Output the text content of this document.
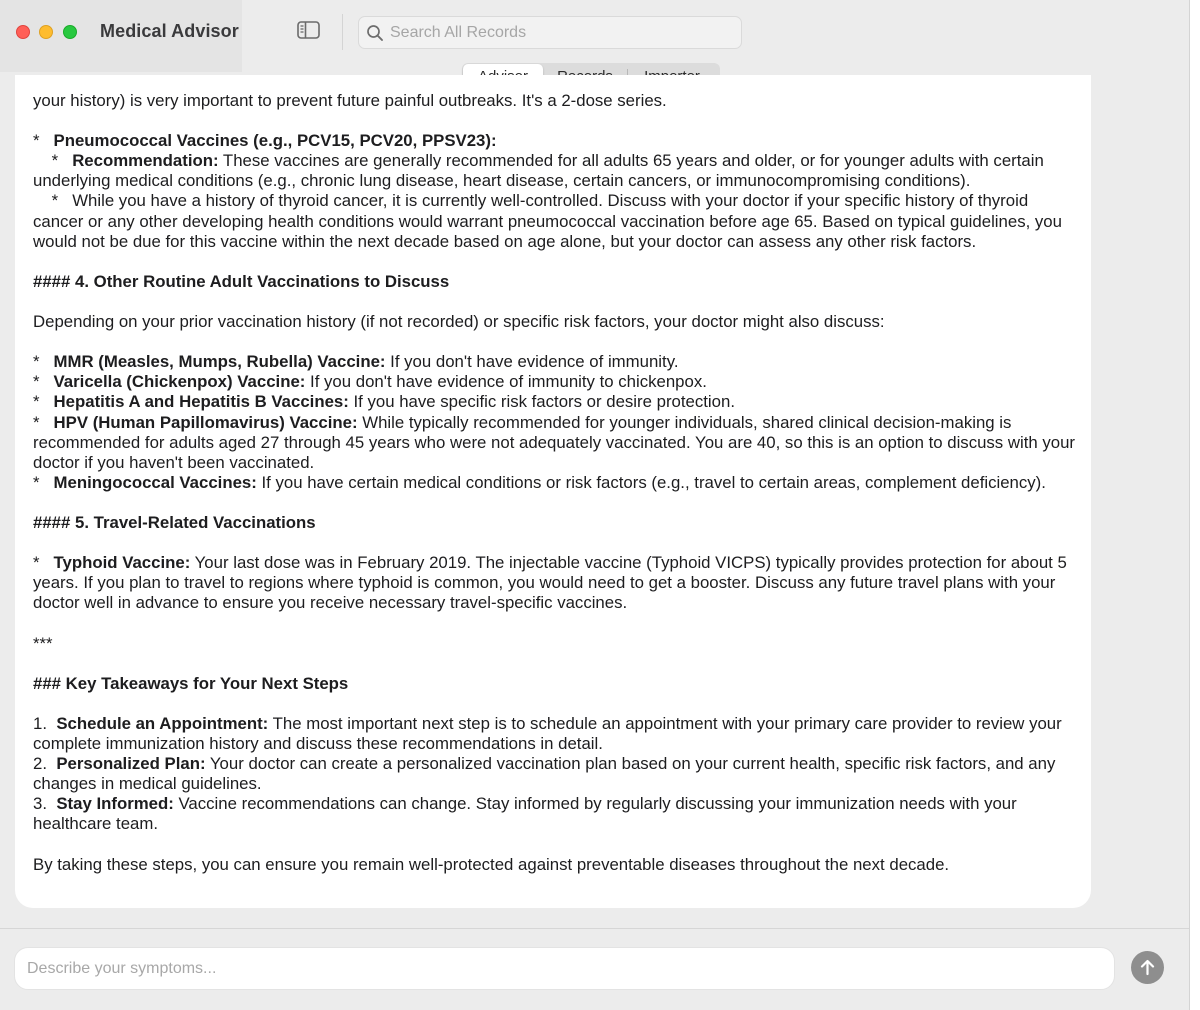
Medical Advisor
Search All Records

your history) is very important to prevent future painful outbreaks. It's a 2-dose series.

* Pneumococcal Vaccines (e.g., PCV15, PCV20, PPSV23):

* Recommendation: These vaccines are generally recommended for all adults 65 years and older, or for younger adults with certain underlying medical conditions (e.g., chronic lung disease, heart disease, certain cancers, or immunocompromising conditions).

* While you have a history of thyroid cancer, it is currently well-controlled. Discuss with your doctor if your specific history of thyroid cancer or any other developing health conditions would warrant pneumococcal vaccination before age 65. Based on typical guidelines, you would not be due for this vaccine within the next decade based on age alone, but your doctor can assess any other risk factors.

#### 4. Other Routine Adult Vaccinations to Discuss

Depending on your prior vaccination history (if not recorded) or specific risk factors, your doctor might also discuss:

* MMR (Measles, Mumps, Rubella) Vaccine: If you don't have evidence of immunity.

* Varicella (Chickenpox) Vaccine: If you don't have evidence of immunity to chickenpox.

* Hepatitis A and Hepatitis B Vaccines: If you have specific risk factors or desire protection.

* HPV (Human Papillomavirus) Vaccine: While typically recommended for younger individuals, shared clinical decision-making is recommended for adults aged 27 through 45 years who were not adequately vaccinated. You are 40, so this is an option to discuss with your doctor if you haven't been vaccinated.

* Meningococcal Vaccines: If you have certain medical conditions or risk factors (e.g., travel to certain areas, complement deficiency).

#### 5. Travel-Related Vaccinations

* Typhoid Vaccine: Your last dose was in February 2019. The injectable vaccine (Typhoid VICPS) typically provides protection for about 5 years. If you plan to travel to regions where typhoid is common, you would need to get a booster. Discuss any future travel plans with your doctor well in advance to ensure you receive necessary travel-specific vaccines.

***

### Key Takeaways for Your Next Steps

1. Schedule an Appointment: The most important next step is to schedule an appointment with your primary care provider to review your complete immunization history and discuss these recommendations in detail.

2. Personalized Plan: Your doctor can create a personalized vaccination plan based on your current health, specific risk factors, and any changes in medical guidelines.

3. Stay Informed: Vaccine recommendations can change. Stay informed by regularly discussing your immunization needs with your healthcare team.

By taking these steps, you can ensure you remain well-protected against preventable diseases throughout the next decade.

Describe your symptoms...
